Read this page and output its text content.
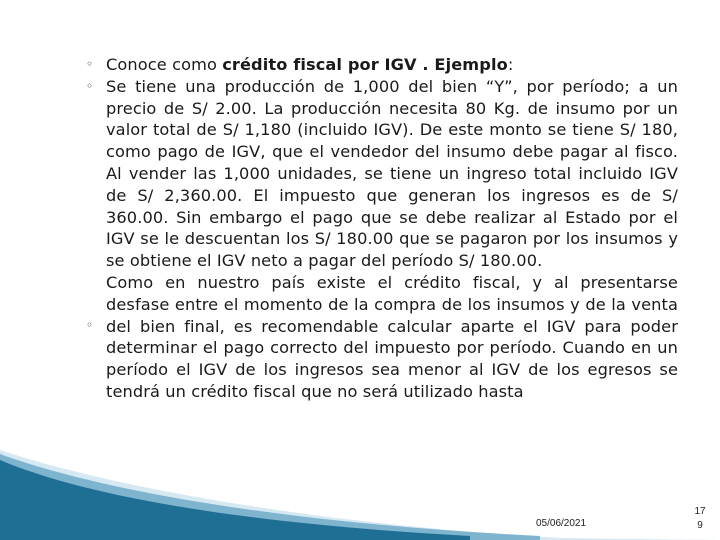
◦
◦
◦

Conoce como crédito fiscal por IGV . Ejemplo:

Se tiene una producción de 1,000 del bien “Y”, por período; a un precio de S/ 2.00. La producción necesita 80 Kg. de insumo por un valor total de S/ 1,180 (incluido IGV). De este monto se tiene S/ 180, como pago de IGV, que el vendedor del insumo debe pagar al fisco. Al vender las 1,000 unidades, se tiene un ingreso total incluido IGV de S/ 2,360.00. El impuesto que generan los ingresos es de S/ 360.00. Sin embargo el pago que se debe realizar al Estado por el IGV se le descuentan los S/ 180.00 que se pagaron por los insumos y se obtiene el IGV neto a pagar del período S/ 180.00.

Como en nuestro país existe el crédito fiscal, y al presentarse desfase entre el momento de la compra de los insumos y de la venta del bien final, es recomendable calcular aparte el IGV para poder determinar el pago correcto del impuesto por período. Cuando en un período el IGV de los ingresos sea menor al IGV de los egresos se tendrá un crédito fiscal que no será utilizado hasta

05/06/2021
17
9
